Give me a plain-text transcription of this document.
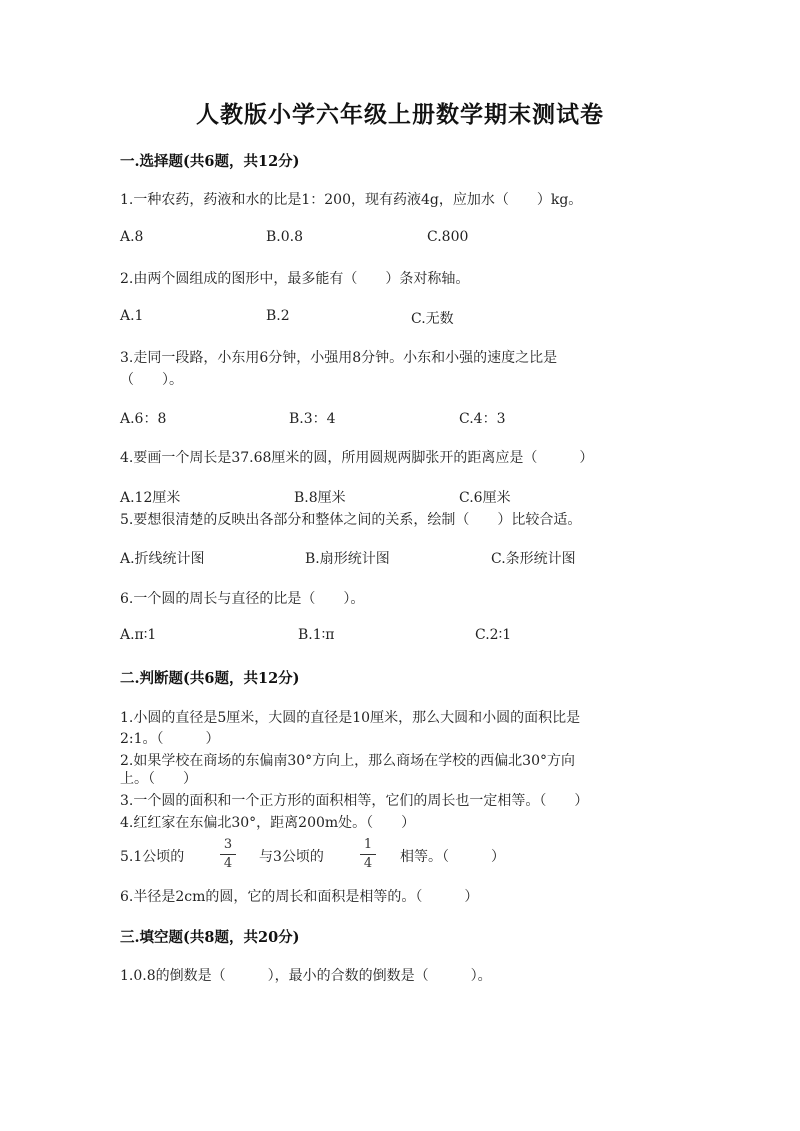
人教版小学六年级上册数学期末测试卷
一.选择题(共6题，共12分)
1.一种农药，药液和水的比是1：200，现有药液4g，应加水（　　）kg。
A.8	B.0.8	C.800
2.由两个圆组成的图形中，最多能有（　　）条对称轴。
A.1	B.2	C.无数
3.走同一段路，小东用6分钟，小强用8分钟。小东和小强的速度之比是
（　　）。
A.6：8	B.3：4	C.4：3
4.要画一个周长是37.68厘米的圆，所用圆规两脚张开的距离应是（　　　）
A.12厘米	B.8厘米	C.6厘米
5.要想很清楚的反映出各部分和整体之间的关系，绘制（　　）比较合适。
A.折线统计图	B.扇形统计图	C.条形统计图
6.一个圆的周长与直径的比是（　　）。
A.π∶1	B.1∶π	C.2∶1
二.判断题(共6题，共12分)
1.小圆的直径是5厘米，大圆的直径是10厘米，那么大圆和小圆的面积比是
2:1。（　　　）
2.如果学校在商场的东偏南30°方向上，那么商场在学校的西偏北30°方向
上。（　　）
3.一个圆的面积和一个正方形的面积相等，它们的周长也一定相等。（　　）
4.红红家在东偏北30°，距离200m处。（　　）
5.1公顷的
3
4 与3公顷的
1
4 相等。（　　　）
6.半径是2cm的圆，它的周长和面积是相等的。（　　　）
三.填空题(共8题，共20分)
1.0.8的倒数是（　　　），最小的合数的倒数是（　　　）。
